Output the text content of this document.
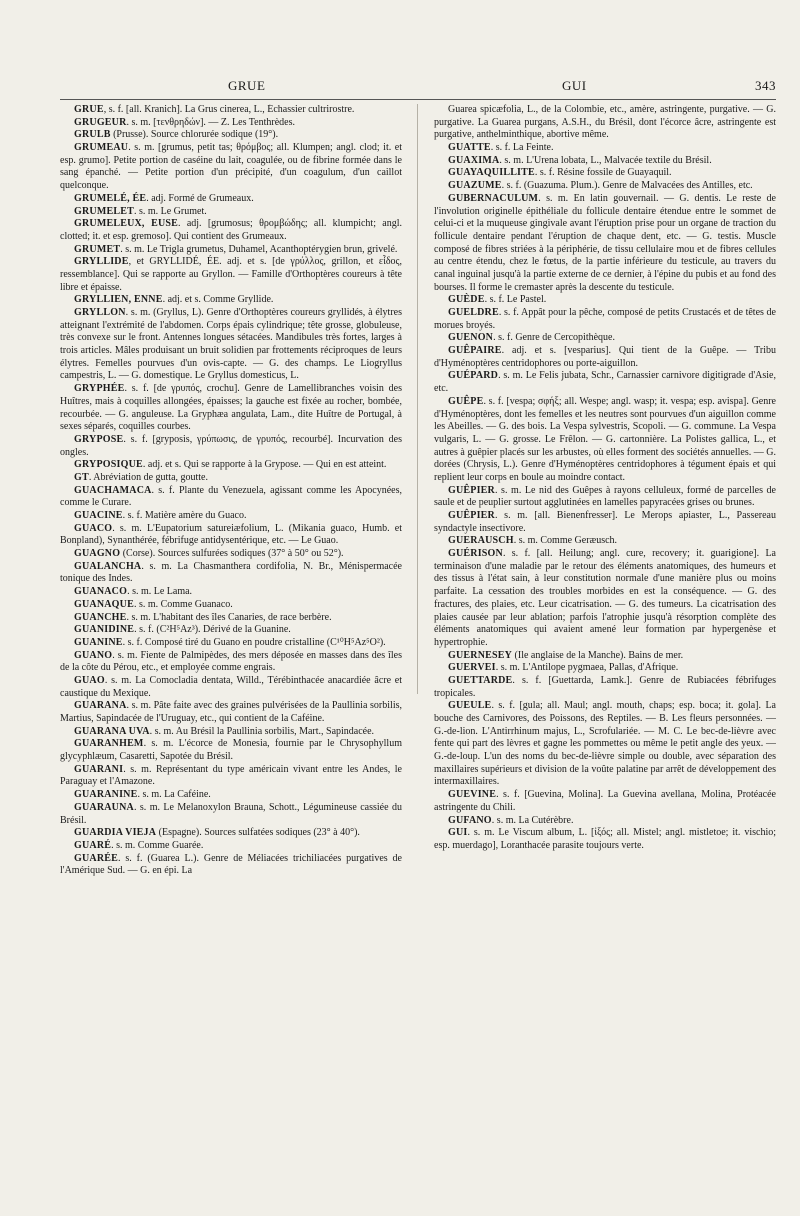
GRUE	GUI	343

GRUE, s. f. [all. Kranich]. La Grus cinerea, L., Échassier cultrirostre.

GRUGEUR. s. m. [τενθρηδών]. — Z. Les Tenthrèdes.

GRULB (Prusse). Source chlorurée sodique (19°).

GRUMEAU. s. m. [grumus, petit tas; θρόμβος; all. Klumpen; angl. clod; it. et esp. grumo]. Petite portion de caséine du lait, coagulée, ou de fibrine formée dans le sang épanché. — Petite portion d'un précipité, d'un coagulum, d'un caillot quelconque.

GRUMELÉ, ÉE. adj. Formé de Grumeaux.

GRUMELET. s. m. Le Grumet.

GRUMELEUX, EUSE. adj. [grumosus; θρομβώδης; all. klumpicht; angl. clotted; it. et esp. gremoso]. Qui contient des Grumeaux.

GRUMET. s. m. Le Trigla grumetus, Duhamel, Acanthoptérygien brun, grivelé.

GRYLLIDE, et GRYLLIDÉ, ÉE. adj. et s. [de γρύλλος, grillon, et εἶδος, ressemblance]. Qui se rapporte au Gryllon. — Famille d'Orthoptères coureurs à tête libre et épaisse.

GRYLLIEN, ENNE. adj. et s. Comme Gryllide.

GRYLLON. s. m. (Gryllus, L). Genre d'Orthoptères coureurs gryllidés, à élytres atteignant l'extrémité de l'abdomen. Corps épais cylindrique; tête grosse, globuleuse, très convexe sur le front. Antennes longues sétacées. Mandibules très fortes, larges à trois articles. Mâles produisant un bruit solidien par frottements réciproques de leurs élytres. Femelles pourvues d'un ovis-capte. — G. des champs. Le Liogryllus campestris, L. — G. domestique. Le Gryllus domesticus, L.

GRYPHÉE. s. f. [de γρυπός, crochu]. Genre de Lamellibranches voisin des Huîtres, mais à coquilles allongées, épaisses; la gauche est fixée au rocher, bombée, recourbée. — G. anguleuse. La Gryphæa angulata, Lam., dite Huître de Portugal, à sexes séparés, coquilles courbes.

GRYPOSE. s. f. [gryposis, γρύπωσις, de γρυπός, recourbé]. Incurvation des ongles.

GRYPOSIQUE. adj. et s. Qui se rapporte à la Grypose. — Qui en est atteint.

GT. Abréviation de gutta, goutte.

GUACHAMACA. s. f. Plante du Venezuela, agissant comme les Apocynées, comme le Curare.

GUACINE. s. f. Matière amère du Guaco.

GUACO. s. m. L'Eupatorium satureiæfolium, L. (Mikania guaco, Humb. et Bonpland), Synanthérée, fébrifuge antidysentérique, etc. — Le Guao.

GUAGNO (Corse). Sources sulfurées sodiques (37° à 50° ou 52°).

GUALANCHA. s. m. La Chasmanthera cordifolia, N. Br., Ménispermacée tonique des Indes.

GUANACO. s. m. Le Lama.

GUANAQUE. s. m. Comme Guanaco.

GUANCHE. s. m. L'habitant des îles Canaries, de race berbère.

GUANIDINE. s. f. (C²H⁵Az³). Dérivé de la Guanine.

GUANINE. s. f. Composé tiré du Guano en poudre cristalline (C¹⁰H⁵Az⁵O²).

GUANO. s. m. Fiente de Palmipèdes, des mers déposée en masses dans des îles de la côte du Pérou, etc., et employée comme engrais.

GUAO. s. m. La Comocladia dentata, Willd., Térébinthacée anacardiée âcre et caustique du Mexique.

GUARANA. s. m. Pâte faite avec des graines pulvérisées de la Paullinia sorbilis, Martius, Sapindacée de l'Uruguay, etc., qui contient de la Caféine.

GUARANA UVA. s. m. Au Brésil la Paullinia sorbilis, Mart., Sapindacée.

GUARANHEM. s. m. L'écorce de Monesia, fournie par le Chrysophyllum glycyphlæum, Casaretti, Sapotée du Brésil.

GUARANI. s. m. Représentant du type américain vivant entre les Andes, le Paraguay et l'Amazone.

GUARANINE. s. m. La Caféine.

GUARAUNA. s. m. Le Melanoxylon Brauna, Schott., Légumineuse cassiée du Brésil.

GUARDIA VIEJA (Espagne). Sources sulfatées sodiques (23° à 40°).

GUARÉ. s. m. Comme Guarée.

GUARÉE. s. f. (Guarea L.). Genre de Méliacées trichiliacées purgatives de l'Amérique Sud. — G. en épi. La

Guarea spicæfolia, L., de la Colombie, etc., amère, astringente, purgative. — G. purgative. La Guarea purgans, A.S.H., du Brésil, dont l'écorce âcre, astringente est purgative, anthelminthique, abortive même.

GUATTE. s. f. La Feinte.

GUAXIMA. s. m. L'Urena lobata, L., Malvacée textile du Brésil.

GUAYAQUILLITE. s. f. Résine fossile de Guayaquil.

GUAZUME. s. f. (Guazuma. Plum.). Genre de Malvacées des Antilles, etc.

GUBERNACULUM. s. m. En latin gouvernail. — G. dentis. Le reste de l'involution originelle épithéliale du follicule dentaire étendue entre le sommet de celui-ci et la muqueuse gingivale avant l'éruption prise pour un organe de traction du follicule dentaire pendant l'éruption de chaque dent, etc. — G. testis. Muscle composé de fibres striées à la périphérie, de tissu cellulaire mou et de fibres cellules au centre étendu, chez le fœtus, de la partie inférieure du testicule, au travers du canal inguinal jusqu'à la partie externe de ce dernier, à l'épine du pubis et au fond des bourses. Il forme le cremaster après la descente du testicule.

GUÈDE. s. f. Le Pastel.

GUELDRE. s. f. Appât pour la pêche, composé de petits Crustacés et de têtes de morues broyés.

GUENON. s. f. Genre de Cercopithèque.

GUÊPAIRE. adj. et s. [vesparius]. Qui tient de la Guêpe. — Tribu d'Hyménoptères centridophores ou porte-aiguillon.

GUÉPARD. s. m. Le Felis jubata, Schr., Carnassier carnivore digitigrade d'Asie, etc.

GUÊPE. s. f. [vespa; σφήξ; all. Wespe; angl. wasp; it. vespa; esp. avispa]. Genre d'Hyménoptères, dont les femelles et les neutres sont pourvues d'un aiguillon comme les Abeilles. — G. des bois. La Vespa sylvestris, Scopoli. — G. commune. La Vespa vulgaris, L. — G. grosse. Le Frêlon. — G. cartonnière. La Polistes gallica, L., et autres à guêpier placés sur les arbustes, où elles forment des sociétés annuelles. — G. dorées (Chrysis, L.). Genre d'Hyménoptères centridophores à tégument épais et qui replient leur corps en boule au moindre contact.

GUÊPIER. s. m. Le nid des Guêpes à rayons celluleux, formé de parcelles de saule et de peuplier surtout agglutinées en lamelles papyracées grises ou brunes.

GUÊPIER. s. m. [all. Bienenfresser]. Le Merops apiaster, L., Passereau syndactyle insectivore.

GUERAUSCH. s. m. Comme Geræusch.

GUÉRISON. s. f. [all. Heilung; angl. cure, recovery; it. guarigione]. La terminaison d'une maladie par le retour des éléments anatomiques, des humeurs et des tissus à l'état sain, à leur constitution normale d'une manière plus ou moins parfaite. La cessation des troubles morbides en est la conséquence. — G. des fractures, des plaies, etc. Leur cicatrisation. — G. des tumeurs. La cicatrisation des plaies causée par leur ablation; parfois l'atrophie jusqu'à résorption complète des éléments anatomiques qui avaient amené leur formation par hypergenèse et hypertrophie.

GUERNESEY (Ile anglaise de la Manche). Bains de mer.

GUERVEI. s. m. L'Antilope pygmaea, Pallas, d'Afrique.

GUETTARDE. s. f. [Guettarda, Lamk.]. Genre de Rubiacées fébrifuges tropicales.

GUEULE. s. f. [gula; all. Maul; angl. mouth, chaps; esp. boca; it. gola]. La bouche des Carnivores, des Poissons, des Reptiles. — B. Les fleurs personnées. — G.-de-lion. L'Antirrhinum majus, L., Scrofulariée. — M. C. Le bec-de-lièvre avec fente qui part des lèvres et gagne les pommettes ou même le petit angle des yeux. — G.-de-loup. L'un des noms du bec-de-lièvre simple ou double, avec séparation des maxillaires supérieurs et division de la voûte palatine par arrêt de développement des intermaxillaires.

GUEVINE. s. f. [Guevina, Molina]. La Guevina avellana, Molina, Protéacée astringente du Chili.

GUFANO. s. m. La Cutérèbre.

GUI. s. m. Le Viscum album, L. [ἰξός; all. Mistel; angl. mistletoe; it. vischio; esp. muerdago], Loranthacée parasite toujours verte.
